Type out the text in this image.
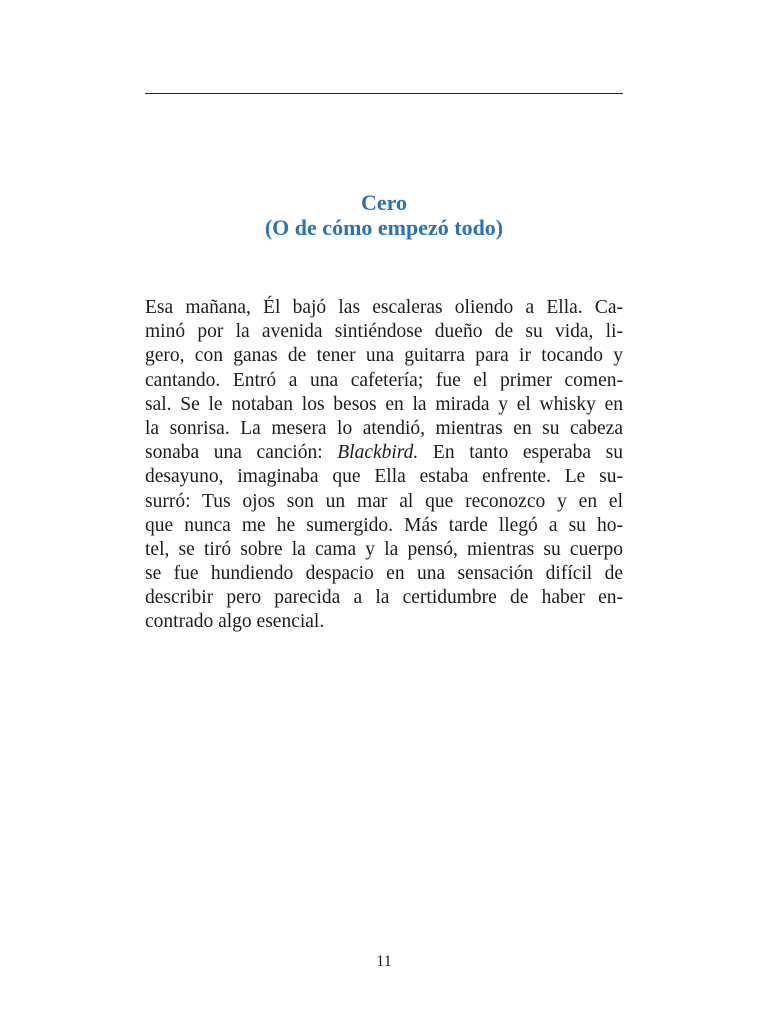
Cero
(O de cómo empezó todo)
Esa mañana, Él bajó las escaleras oliendo a Ella. Ca-
minó por la avenida sintiéndose dueño de su vida, li-
gero, con ganas de tener una guitarra para ir tocando y
cantando. Entró a una cafetería; fue el primer comen-
sal. Se le notaban los besos en la mirada y el whisky en
la sonrisa. La mesera lo atendió, mientras en su cabeza
sonaba una canción: Blackbird. En tanto esperaba su
desayuno, imaginaba que Ella estaba enfrente. Le su-
surró: Tus ojos son un mar al que reconozco y en el
que nunca me he sumergido. Más tarde llegó a su ho-
tel, se tiró sobre la cama y la pensó, mientras su cuerpo
se fue hundiendo despacio en una sensación difícil de
describir pero parecida a la certidumbre de haber en-
contrado algo esencial.
11
